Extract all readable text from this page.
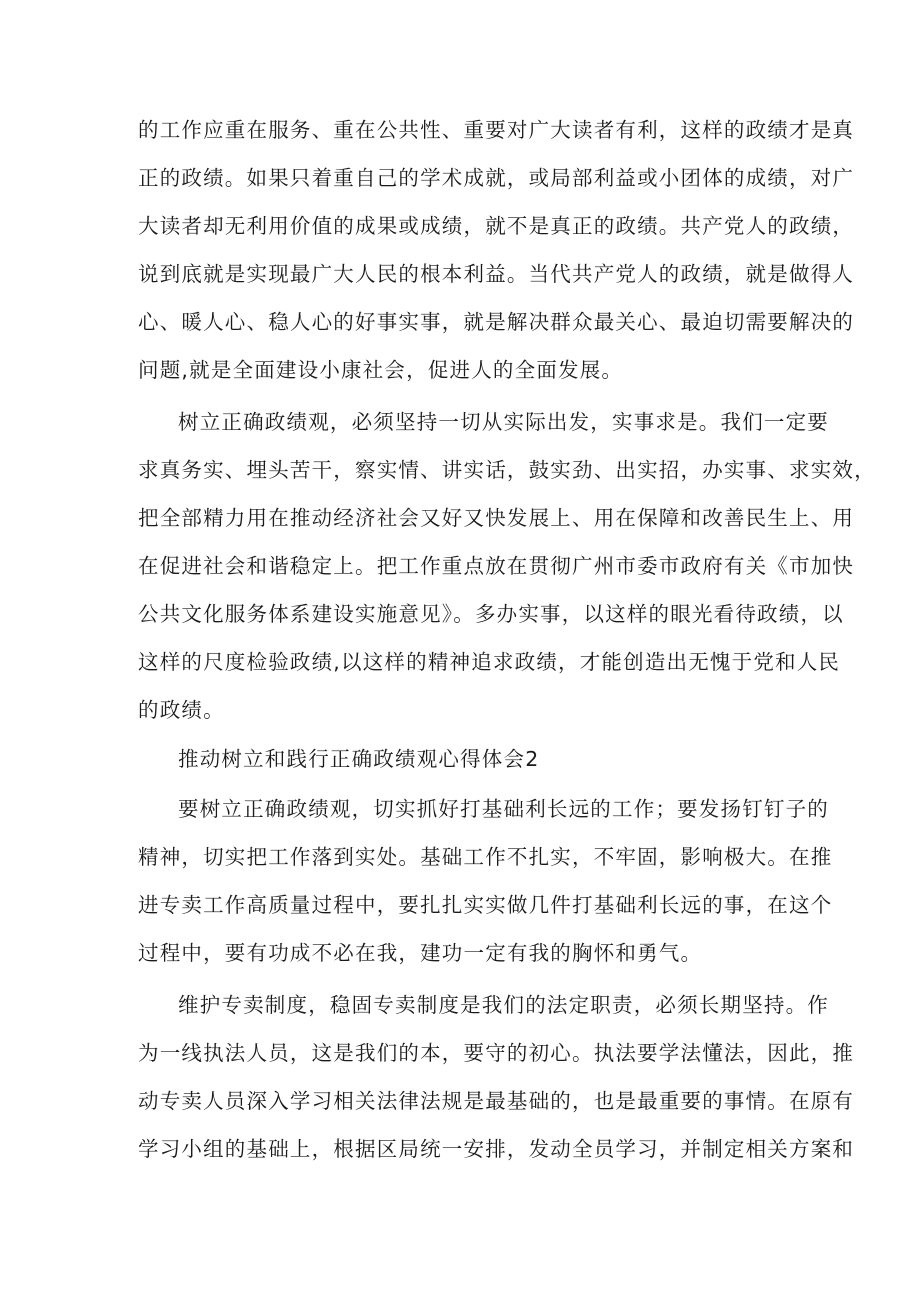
的工作应重在服务、重在公共性、重要对广大读者有利，这样的政绩才是真
正的政绩。如果只着重自己的学术成就，或局部利益或小团体的成绩，对广
大读者却无利用价值的成果或成绩，就不是真正的政绩。共产党人的政绩，
说到底就是实现最广大人民的根本利益。当代共产党人的政绩，就是做得人
心、暖人心、稳人心的好事实事，就是解决群众最关心、最迫切需要解决的
问题,就是全面建设小康社会，促进人的全面发展。
树立正确政绩观，必须坚持一切从实际出发，实事求是。我们一定要
求真务实、埋头苦干，察实情、讲实话，鼓实劲、出实招，办实事、求实效，
把全部精力用在推动经济社会又好又快发展上、用在保障和改善民生上、用
在促进社会和谐稳定上。把工作重点放在贯彻广州市委市政府有关《市加快
公共文化服务体系建设实施意见》。多办实事，以这样的眼光看待政绩，以
这样的尺度检验政绩,以这样的精神追求政绩，才能创造出无愧于党和人民
的政绩。
推动树立和践行正确政绩观心得体会2
要树立正确政绩观，切实抓好打基础利长远的工作；要发扬钉钉子的
精神，切实把工作落到实处。基础工作不扎实，不牢固，影响极大。在推
进专卖工作高质量过程中，要扎扎实实做几件打基础利长远的事，在这个
过程中，要有功成不必在我，建功一定有我的胸怀和勇气。
维护专卖制度，稳固专卖制度是我们的法定职责，必须长期坚持。作
为一线执法人员，这是我们的本，要守的初心。执法要学法懂法，因此，推
动专卖人员深入学习相关法律法规是最基础的，也是最重要的事情。在原有
学习小组的基础上，根据区局统一安排，发动全员学习，并制定相关方案和
